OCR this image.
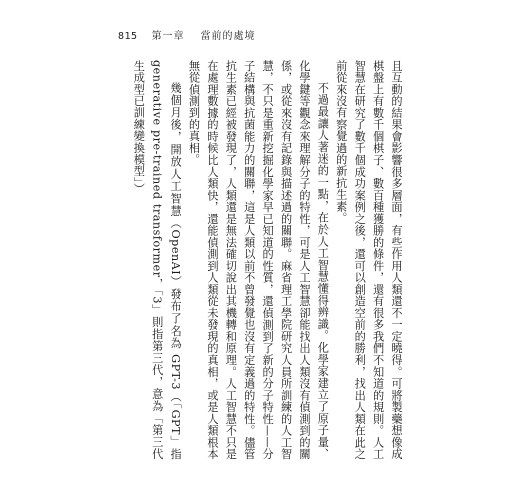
815 第一章 當前的處境

且互動的結果會影響很多層面，有些作用人類還不一定曉得。可將製藥想像成棋盤上有數千個棋子、數百種獲勝的條件，還有很多我們不知道的規則。人工智慧在研究了數千個成功案例之後，還可以創造空前的勝利，找出人類在此之前從來沒有察覺過的新抗生素。

不過最讓人著迷的一點，在於人工智慧懂得辨識。化學家建立了原子量、化學鍵等觀念來理解分子的特性，可是人工智慧卻能找出人類沒有偵測到的關係，或從來沒有記錄與描述過的關聯。麻省理工學院研究人員所訓練的人工智慧，不只是重新挖掘化學家早已知道的性質，還偵測到了新的分子特性——分子結構與抗菌能力的關聯，這是人類以前不曾發覺也沒有定義過的特性。儘管抗生素已經被發現了，人類還是無法確切說出其機轉和原理。人工智慧不只是在處理數據的時候比人類快，還能偵測到人類從未發現的真相，或是人類根本無從偵測到的真相。

幾個月後，開放人工智慧（OpenAI）發布了名為 GPT-3（「GPT」指 generative pre-trained transformer，「3」則指第三代，意為「第三代生成型已訓練變換模型」）
